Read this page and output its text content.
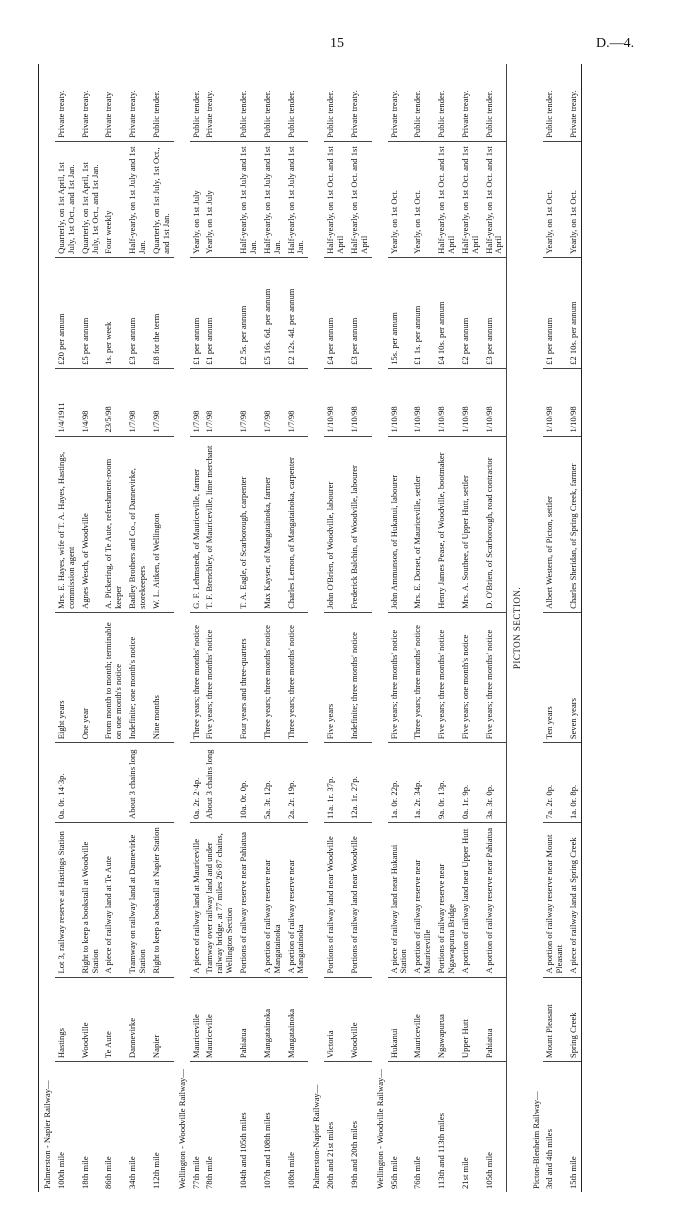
15	D.—4.
Palmerston - Napier Railway—									
100th mile	Hastings	Lot 3, railway reserve at Hastings Station	0a. 0r. 14·3p.	Eight years	Mrs. E. Hayes, wife of T. A. Hayes, Hastings, commission agent	1/4/1911	£20 per annum	Quarterly, on 1st April, 1st July, 1st Oct., and 1st Jan.	Private treaty.
18th mile	Woodville	Right to keep a bookstall at Woodville Station		One year	Agnes Wesch, of Woodville	1/4/98	£5 per annum	Quarterly, on 1st April, 1st July, 1st Oct., and 1st Jan.	Private treaty.
86th mile	Te Aute	A piece of railway land at Te Aute		From month to month; terminable on one month's notice	A. Pickering, of Te Aute, refreshment-room keeper	23/5/98	1s. per week	Four weekly	Private treaty
34th mile	Dannevirke	Tramway on railway land at Dannevirke Station	About 3 chains long	Indefinite; one month's notice	Badley Brothers and Co., of Dannevirke, storekeepers	1/7/98	£3 per annum	Half-yearly, on 1st July and 1st Jan.	Private treaty.
112th mile	Napier	Right to keep a bookstall at Napier Station		Nine months	W. L. Aitken, of Wellington	1/7/98	£8 for the term	Quarterly, on 1st July, 1st Oct., and 1st Jan.	Public tender.
Wellington - Woodville Railway—									
77th mile	Mauriceville	A piece of railway land at Mauriceville	0a. 2r. 2·4p.	Three years; three months' notice	G. F. Lehmstedt, of Mauriceville, farmer	1/7/98	£1 per annum	Yearly, on 1st July	Public tender.
78th mile	Mauriceville	Tramway over railway land and under railway bridge, at 77 miles 26·87 chains, Wellington Section	About 3 chains long	Five years; three months' notice	T. F. Brenchley, of Mauriceville, lime merchant	1/7/98	£1 per annum	Yearly, on 1st July	Private treaty.
104th and 105th miles	Pahiatua	Portions of railway reserve near Pahiatua	10a. 0r. 0p.	Four years and three-quarters	T. A. Eagle, of Scarborough, carpenter	1/7/98	£2 5s. per annum	Half-yearly, on 1st July and 1st Jan.	Public tender.
107th and 108th miles	Mangatainoka	A portion of railway reserve near Mangatainoka	5a. 3r. 12p.	Three years; three months' notice	Max Kayser, of Mangatainoka, farmer	1/7/98	£5 16s. 6d. per annum	Half-yearly, on 1st July and 1st Jan.	Public tender.
108th mile	Mangatainoka	A portion of railway reserve near Mangatainoka	2a. 2r. 19p.	Three years; three months' notice	Charles Lemon, of Mangatainoka, carpenter	1/7/98	£2 12s. 4d. per annum	Half-yearly, on 1st July and 1st Jan.	Public tender.
Palmerston-Napier Railway—									
20th and 21st miles	Victoria	Portions of railway land near Woodville	11a. 1r. 37p.	Five years	John O'Brien, of Woodville, labourer	1/10/98	£4 per annum	Half-yearly, on 1st Oct. and 1st April	Public tender.
19th and 20th miles	Woodville	Portions of railway land near Woodville	12a. 1r. 27p.	Indefinite; three months' notice	Frederick Balchin, of Woodville, labourer	1/10/98	£3 per annum	Half-yearly, on 1st Oct. and 1st April	Private treaty.
Wellington - Woodville Railway—									
95th mile	Hukanui	A piece of railway land near Hukanui Station	1a. 0r. 22p.	Five years; three months' notice	John Ammunson, of Hukanui, labourer	1/10/98	15s. per annum	Yearly, on 1st Oct.	Private treaty.
76th mile	Mauriceville	A portion of railway reserve near Mauriceville	1a. 2r. 34p.	Three years; three months' notice	Mrs. E. Dorset, of Mauriceville, settler	1/10/98	£1 1s. per annum	Yearly, on 1st Oct.	Public tender.
113th and 113th miles	Ngawapurua	Portions of railway reserve near Ngawapurua Bridge	9a. 0r. 13p.	Five years; three months' notice	Henry James Pease, of Woodville, bootmaker	1/10/98	£4 10s. per annum	Half-yearly, on 1st Oct. and 1st April	Public tender.
21st mile	Upper Hutt	A portion of railway land near Upper Hutt	0a. 1r. 9p.	Five years; one month's notice	Mrs. A. Southee, of Upper Hutt, settler	1/10/98	£2 per annum	Half-yearly, on 1st Oct. and 1st April	Private treaty.
105th mile	Pahiatua	A portion of railway reserve near Pahiatua	3a. 3r. 0p.	Five years; three months' notice	D. O'Brien, of Scarborough, road contractor	1/10/98	£3 per annum	Half-yearly, on 1st Oct. and 1st April	Public tender.
PICTON SECTION.									
Picton-Blenheim Railway—									
3rd and 4th miles	Mount Pleasant	A portion of railway reserve near Mount Pleasant	7a. 2r. 0p.	Ten years	Albert Western, of Picton, settler	1/10/98	£1 per annum	Yearly, on 1st Oct.	Public tender.
15th mile	Spring Creek	A piece of railway land at Spring Creek	1a. 0r. 8p.	Seven years	Charles Sheridan, of Spring Creek, farmer	1/10/98	£2 10s. per annum	Yearly, on 1st Oct.	Private treaty.
